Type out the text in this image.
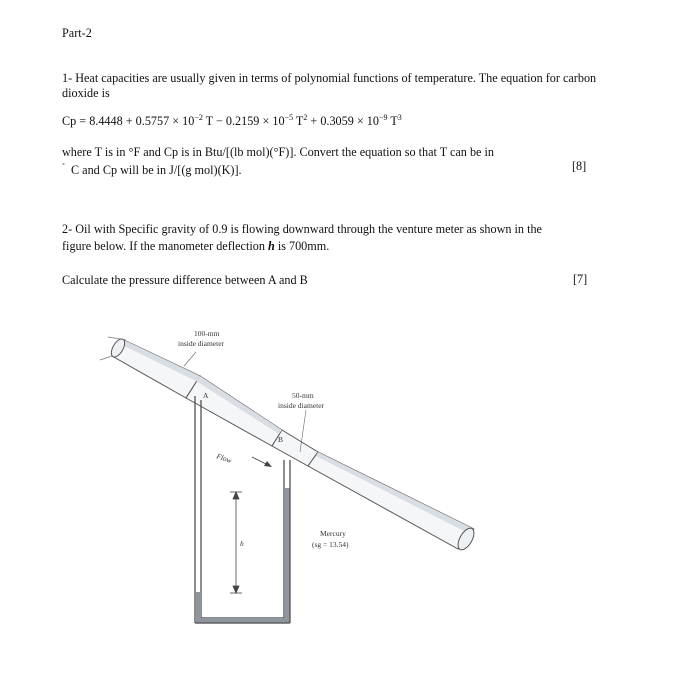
Part-2
1- Heat capacities are usually given in terms of polynomial functions of temperature. The equation for carbon
dioxide is
$Cp = 8.4448 + 0.5757 \times 10^{-2}$ $T - 0.2159 \times 10^{-5}$ $T^2 + 0.3059 \times 10^{-9}$ $T^3$
where T is in °F and Cp is in Btu/[(lb mol)(°F)]. Convert the equation so that T can be in
˚ C and Cp will be in J/[(g mol)(K)].	[8]
2- Oil with Specific gravity of 0.9 is flowing downward through the venture meter as shown in the
figure below. If the manometer deflection h is 700mm.
Calculate the pressure difference between A and B	[7]
100-mm
inside diameter
50-mm
inside diameter
A
B
Flow
h
Mercury
(sg = 13.54)
